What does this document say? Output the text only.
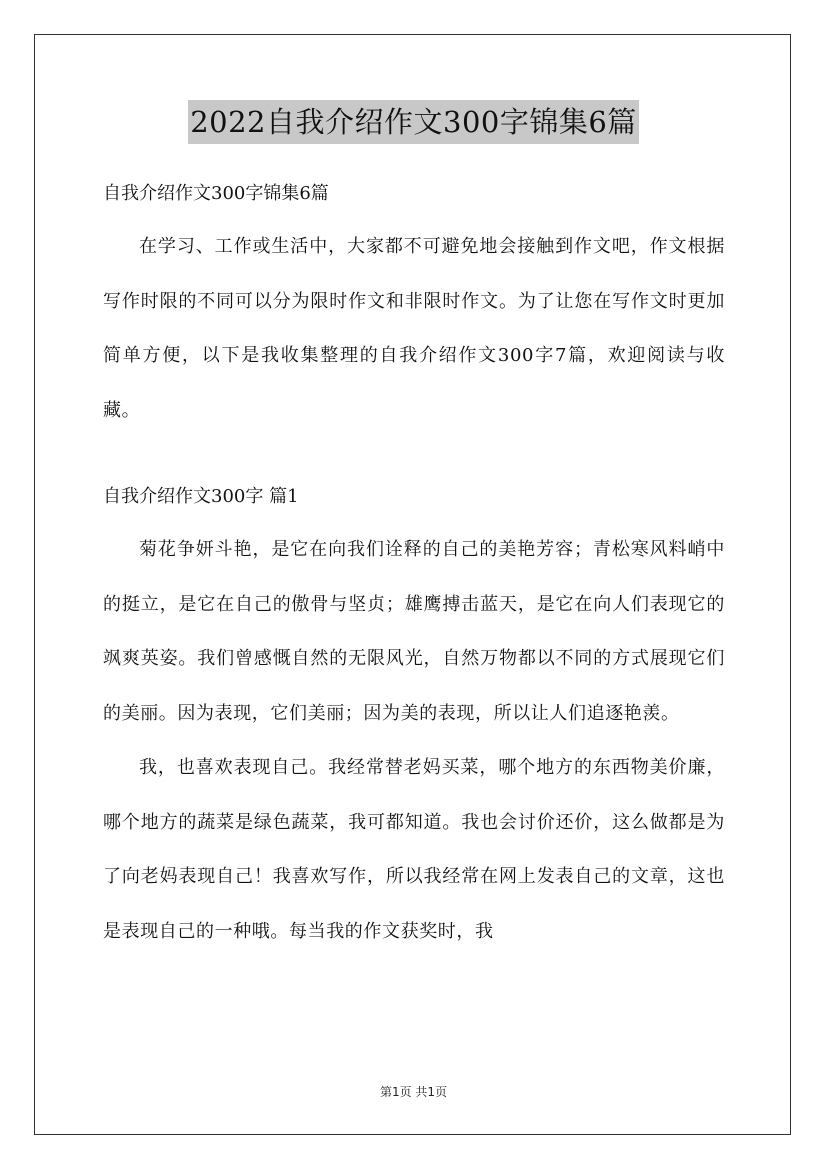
2022自我介绍作文300字锦集6篇
自我介绍作文300字锦集6篇

在学习、工作或生活中，大家都不可避免地会接触到作文吧，作文根据写作时限的不同可以分为限时作文和非限时作文。为了让您在写作文时更加简单方便，以下是我收集整理的自我介绍作文300字7篇，欢迎阅读与收藏。

自我介绍作文300字 篇1

菊花争妍斗艳，是它在向我们诠释的自己的美艳芳容；青松寒风料峭中的挺立，是它在自己的傲骨与坚贞；雄鹰搏击蓝天，是它在向人们表现它的飒爽英姿。我们曾感慨自然的无限风光，自然万物都以不同的方式展现它们的美丽。因为表现，它们美丽；因为美的表现，所以让人们追逐艳羡。

我，也喜欢表现自己。我经常替老妈买菜，哪个地方的东西物美价廉，哪个地方的蔬菜是绿色蔬菜，我可都知道。我也会讨价还价，这么做都是为了向老妈表现自己！我喜欢写作，所以我经常在网上发表自己的文章，这也是表现自己的一种哦。每当我的作文获奖时，我

第1页 共1页
